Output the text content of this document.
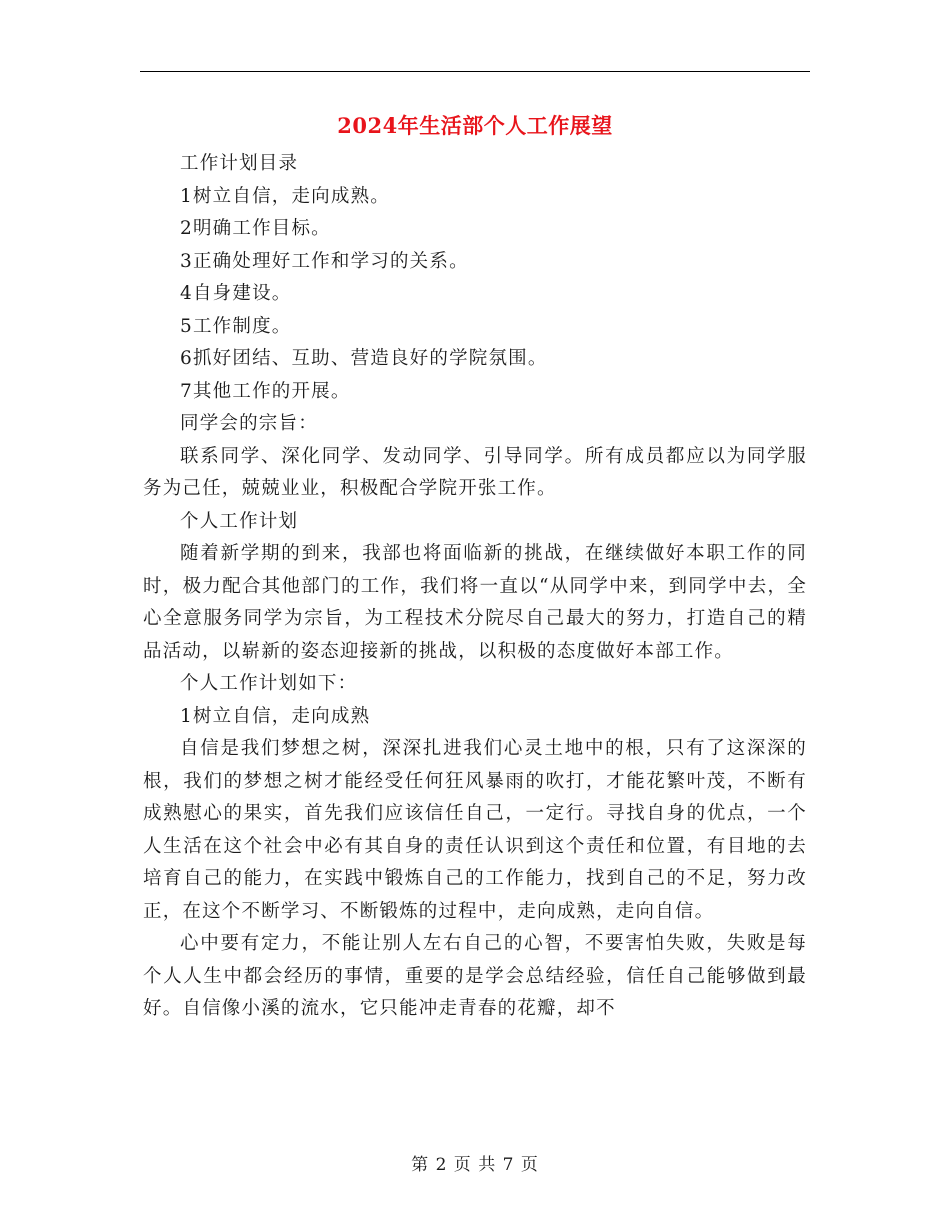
2024年生活部个人工作展望

工作计划目录

1树立自信，走向成熟。

2明确工作目标。

3正确处理好工作和学习的关系。

4自身建设。

5工作制度。

6抓好团结、互助、营造良好的学院氛围。

7其他工作的开展。

同学会的宗旨：

联系同学、深化同学、发动同学、引导同学。所有成员都应以为同学服务为己任，兢兢业业，积极配合学院开张工作。

个人工作计划

随着新学期的到来，我部也将面临新的挑战，在继续做好本职工作的同时，极力配合其他部门的工作，我们将一直以“从同学中来，到同学中去，全心全意服务同学为宗旨，为工程技术分院尽自己最大的努力，打造自己的精品活动，以崭新的姿态迎接新的挑战，以积极的态度做好本部工作。

个人工作计划如下：

1树立自信，走向成熟

自信是我们梦想之树，深深扎进我们心灵土地中的根，只有了这深深的根，我们的梦想之树才能经受任何狂风暴雨的吹打，才能花繁叶茂，不断有成熟慰心的果实，首先我们应该信任自己，一定行。寻找自身的优点，一个人生活在这个社会中必有其自身的责任认识到这个责任和位置，有目地的去培育自己的能力，在实践中锻炼自己的工作能力，找到自己的不足，努力改正，在这个不断学习、不断锻炼的过程中，走向成熟，走向自信。

心中要有定力，不能让别人左右自己的心智，不要害怕失败，失败是每个人人生中都会经历的事情，重要的是学会总结经验，信任自己能够做到最好。自信像小溪的流水，它只能冲走青春的花瓣，却不

第 2 页 共 7 页
